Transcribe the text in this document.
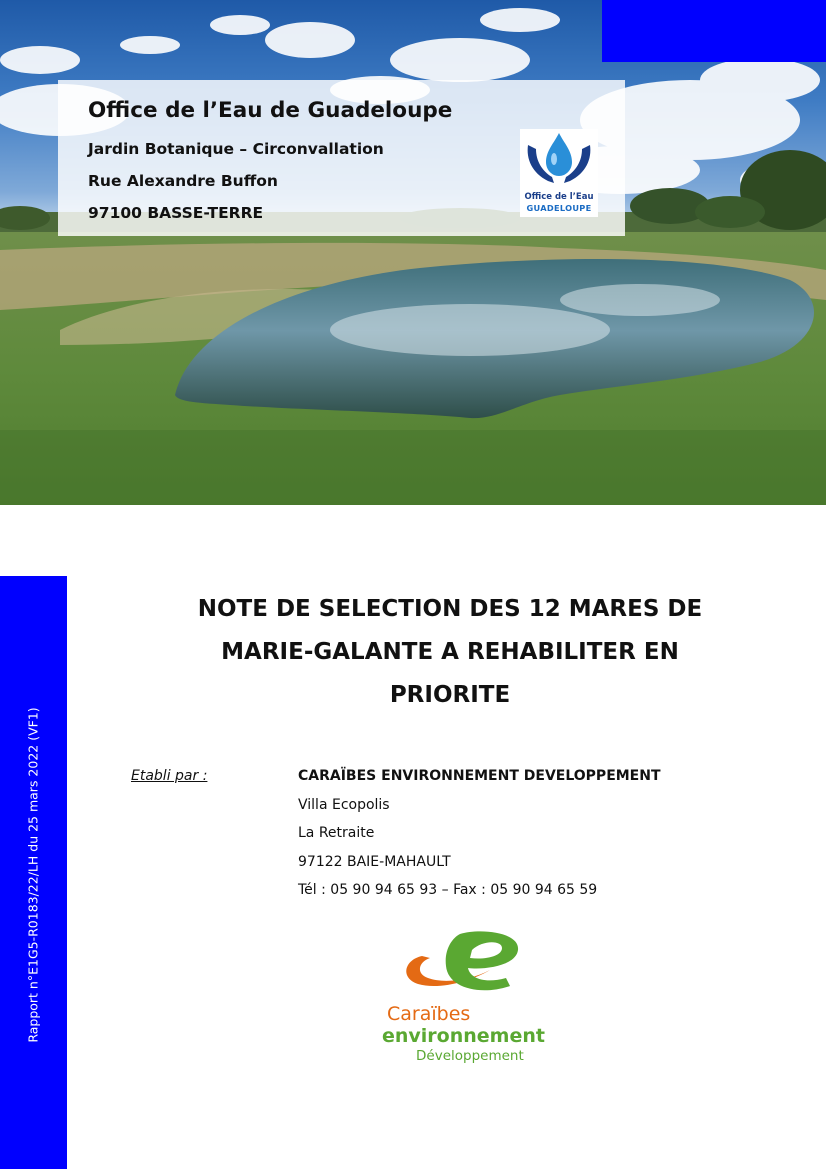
Office de l’Eau de Guadeloupe

Jardin Botanique – Circonvallation

Rue Alexandre Buffon

97100 BASSE-TERRE

Office de l’Eau
GUADELOUPE
Rapport n°E1G5-R0183/22/LH du 25 mars 2022 (VF1)
NOTE DE SELECTION DES 12 MARES DE
MARIE-GALANTE A REHABILITER EN
PRIORITE

Etabli par :	CARAÏBES ENVIRONNEMENT DEVELOPPEMENT

Villa Ecopolis

La Retraite

97122 BAIE-MAHAULT

Tél : 05 90 94 65 93 – Fax : 05 90 94 65 59

Caraïbes

environnement

Développement
